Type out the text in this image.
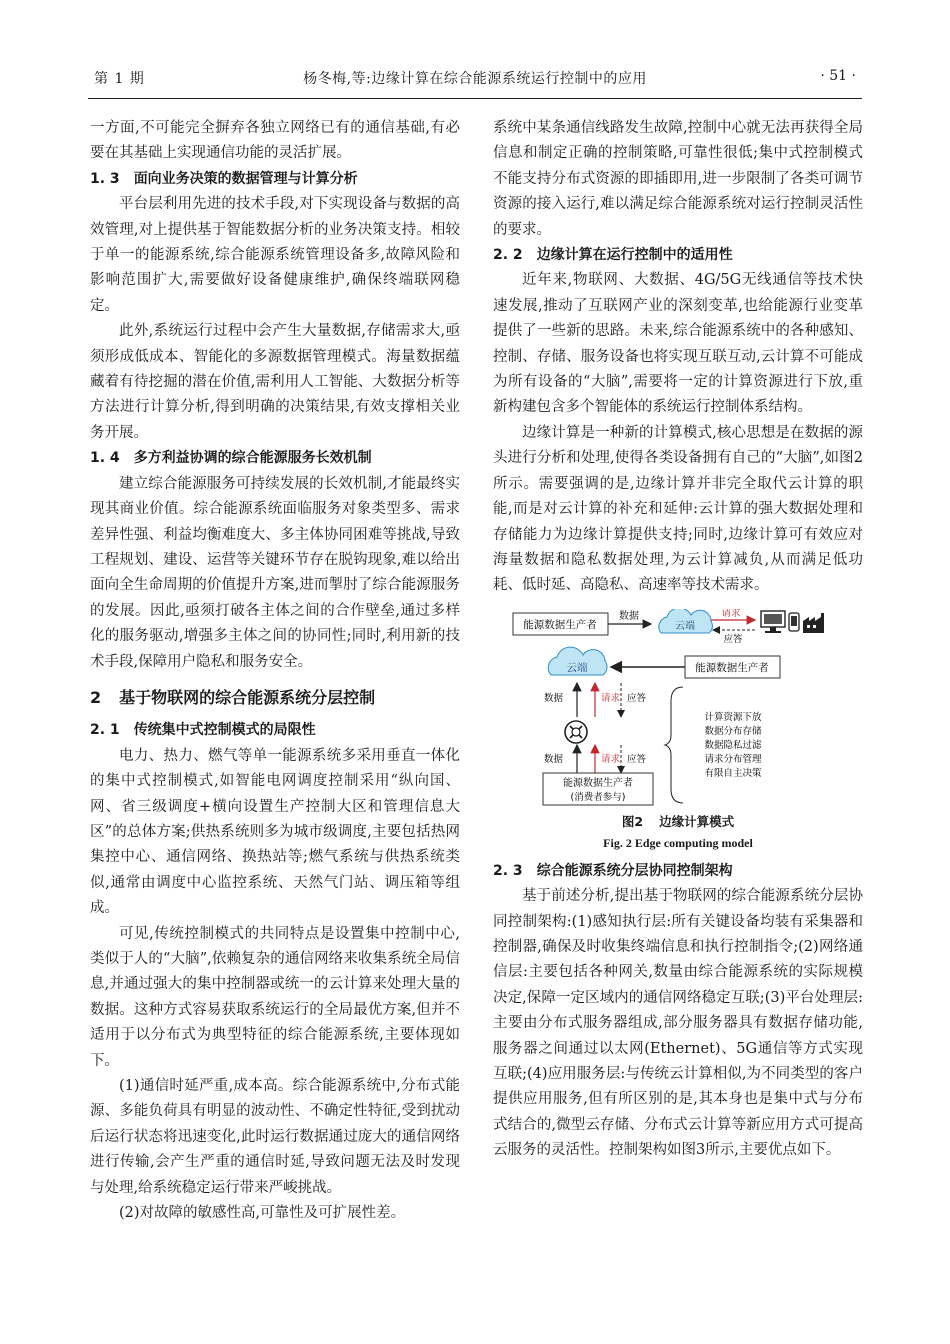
第 1 期	杨冬梅,等:边缘计算在综合能源系统运行控制中的应用	· 51 ·

一方面,不可能完全摒弃各独立网络已有的通信基础,有必要在其基础上实现通信功能的灵活扩展。

1. 3 面向业务决策的数据管理与计算分析

平台层利用先进的技术手段,对下实现设备与数据的高效管理,对上提供基于智能数据分析的业务决策支持。相较于单一的能源系统,综合能源系统管理设备多,故障风险和影响范围扩大,需要做好设备健康维护,确保终端联网稳定。

此外,系统运行过程中会产生大量数据,存储需求大,亟须形成低成本、智能化的多源数据管理模式。海量数据蕴藏着有待挖掘的潜在价值,需利用人工智能、大数据分析等方法进行计算分析,得到明确的决策结果,有效支撑相关业务开展。

1. 4 多方利益协调的综合能源服务长效机制

建立综合能源服务可持续发展的长效机制,才能最终实现其商业价值。综合能源系统面临服务对象类型多、需求差异性强、利益均衡难度大、多主体协同困难等挑战,导致工程规划、建设、运营等关键环节存在脱钩现象,难以给出面向全生命周期的价值提升方案,进而掣肘了综合能源服务的发展。因此,亟须打破各主体之间的合作壁垒,通过多样化的服务驱动,增强多主体之间的协同性;同时,利用新的技术手段,保障用户隐私和服务安全。

2 基于物联网的综合能源系统分层控制
2. 1 传统集中式控制模式的局限性

电力、热力、燃气等单一能源系统多采用垂直一体化的集中式控制模式,如智能电网调度控制采用“纵向国、网、省三级调度+横向设置生产控制大区和管理信息大区”的总体方案;供热系统则多为城市级调度,主要包括热网集控中心、通信网络、换热站等;燃气系统与供热系统类似,通常由调度中心监控系统、天然气门站、调压箱等组成。

可见,传统控制模式的共同特点是设置集中控制中心,类似于人的“大脑”,依赖复杂的通信网络来收集系统全局信息,并通过强大的集中控制器或统一的云计算来处理大量的数据。这种方式容易获取系统运行的全局最优方案,但并不适用于以分布式为典型特征的综合能源系统,主要体现如下。

(1)通信时延严重,成本高。综合能源系统中,分布式能源、多能负荷具有明显的波动性、不确定性特征,受到扰动后运行状态将迅速变化,此时运行数据通过庞大的通信网络进行传输,会产生严重的通信时延,导致问题无法及时发现与处理,给系统稳定运行带来严峻挑战。

(2)对故障的敏感性高,可靠性及可扩展性差。

系统中某条通信线路发生故障,控制中心就无法再获得全局信息和制定正确的控制策略,可靠性很低;集中式控制模式不能支持分布式资源的即插即用,进一步限制了各类可调节资源的接入运行,难以满足综合能源系统对运行控制灵活性的要求。

2. 2 边缘计算在运行控制中的适用性

近年来,物联网、大数据、4G/5G无线通信等技术快速发展,推动了互联网产业的深刻变革,也给能源行业变革提供了一些新的思路。未来,综合能源系统中的各种感知、控制、存储、服务设备也将实现互联互动,云计算不可能成为所有设备的“大脑”,需要将一定的计算资源进行下放,重新构建包含多个智能体的系统运行控制体系结构。

边缘计算是一种新的计算模式,核心思想是在数据的源头进行分析和处理,使得各类设备拥有自己的“大脑”,如图2所示。需要强调的是,边缘计算并非完全取代云计算的职能,而是对云计算的补充和延伸:云计算的强大数据处理和存储能力为边缘计算提供支持;同时,边缘计算可有效应对海量数据和隐私数据处理,为云计算减负,从而满足低功耗、低时延、高隐私、高速率等技术需求。

能源数据生产者
数据
云端
请求
应答
云端	能源数据生产者
数据	请求 应答
数据	请求 应答
能源数据生产者
(消费者参与)
计算资源下放
数据分布存储
数据隐私过滤
请求分布管理
有限自主决策
图2 边缘计算模式
Fig. 2 Edge computing model
2. 3 综合能源系统分层协同控制架构

基于前述分析,提出基于物联网的综合能源系统分层协同控制架构:(1)感知执行层:所有关键设备均装有采集器和控制器,确保及时收集终端信息和执行控制指令;(2)网络通信层:主要包括各种网关,数量由综合能源系统的实际规模决定,保障一定区域内的通信网络稳定互联;(3)平台处理层:主要由分布式服务器组成,部分服务器具有数据存储功能,服务器之间通过以太网(Ethernet)、5G通信等方式实现互联;(4)应用服务层:与传统云计算相似,为不同类型的客户提供应用服务,但有所区别的是,其本身也是集中式与分布式结合的,微型云存储、分布式云计算等新应用方式可提高云服务的灵活性。控制架构如图3所示,主要优点如下。
